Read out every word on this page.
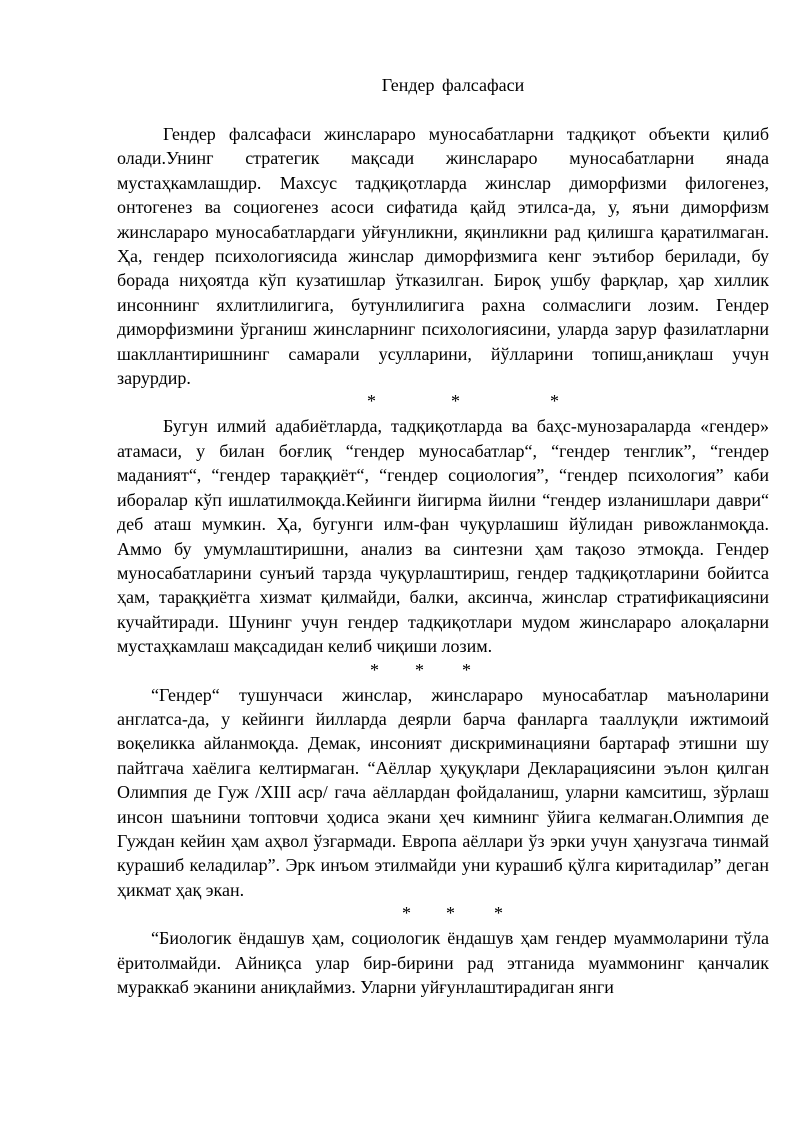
Гендер фалсафаси

Гендер фалсафаси жинслараро муносабатларни тадқиқот объекти қилиб олади.Унинг стратегик мақсади жинслараро муносабатларни янада мустаҳкамлашдир. Махсус тадқиқотларда жинслар диморфизми филогенез, онтогенез ва социогенез асоси сифатида қайд этилса-да, у, яъни диморфизм жинслараро муносабатлардаги уйғунликни, яқинликни рад қилишга қаратилмаган. Ҳа, гендер психологиясида жинслар диморфизмига кенг эътибор берилади, бу борада ниҳоятда кўп кузатишлар ўтказилган. Бироқ ушбу фарқлар, ҳар хиллик инсоннинг яхлитлилигига, бутунлилигига рахна солмаслиги лозим. Гендер диморфизмини ўрганиш жинсларнинг психологиясини, уларда зарур фазилатларни шакллантиришнинг самарали усулларини, йўлларини топиш,аниқлаш учун зарурдир.

*	*	*

Бугун илмий адабиётларда, тадқиқотларда ва баҳс-мунозараларда «гендер» атамаси, у билан боғлиқ “гендер муносабатлар“, “гендер тенглик”, “гендер маданият“, “гендер тараққиёт“, “гендер социология”, “гендер психология” каби иборалар кўп ишлатилмоқда.Кейинги йигирма йилни “гендер изланишлари даври“ деб аташ мумкин. Ҳа, бугунги илм-фан чуқурлашиш йўлидан ривожланмоқда. Аммо бу умумлаштиришни, анализ ва синтезни ҳам тақозо этмоқда. Гендер муносабатларини сунъий тарзда чуқурлаштириш, гендер тадқиқотларини бойитса ҳам, тараққиётга хизмат қилмайди, балки, аксинча, жинслар стратификациясини кучайтиради. Шунинг учун гендер тадқиқотлари мудом жинслараро алоқаларни мустаҳкамлаш мақсадидан келиб чиқиши лозим.

* * *

“Гендер“ тушунчаси жинслар, жинслараро муносабатлар маъноларини англатса-да, у кейинги йилларда деярли барча фанларга тааллуқли ижтимоий воқеликка айланмоқда. Демак, инсоният дискриминацияни бартараф этишни шу пайтгача хаёлига келтирмаган. “Аёллар ҳуқуқлари Декларациясини эълон қилган Олимпия де Гуж /ХIII аср/ гача аёллардан фойдаланиш, уларни камситиш, зўрлаш инсон шаънини топтовчи ҳодиса экани ҳеч кимнинг ўйига келмаган.Олимпия де Гуждан кейин ҳам аҳвол ўзгармади. Европа аёллари ўз эрки учун ҳанузгача тинмай курашиб келадилар”. Эрк инъом этилмайди уни курашиб қўлга киритадилар” деган ҳикмат ҳақ экан.

* * *

“Биологик ёндашув ҳам, социологик ёндашув ҳам гендер муаммоларини тўла ёритолмайди. Айниқса улар бир-бирини рад этганида муаммонинг қанчалик мураккаб эканини аниқлаймиз. Уларни уйғунлаштирадиган янги
